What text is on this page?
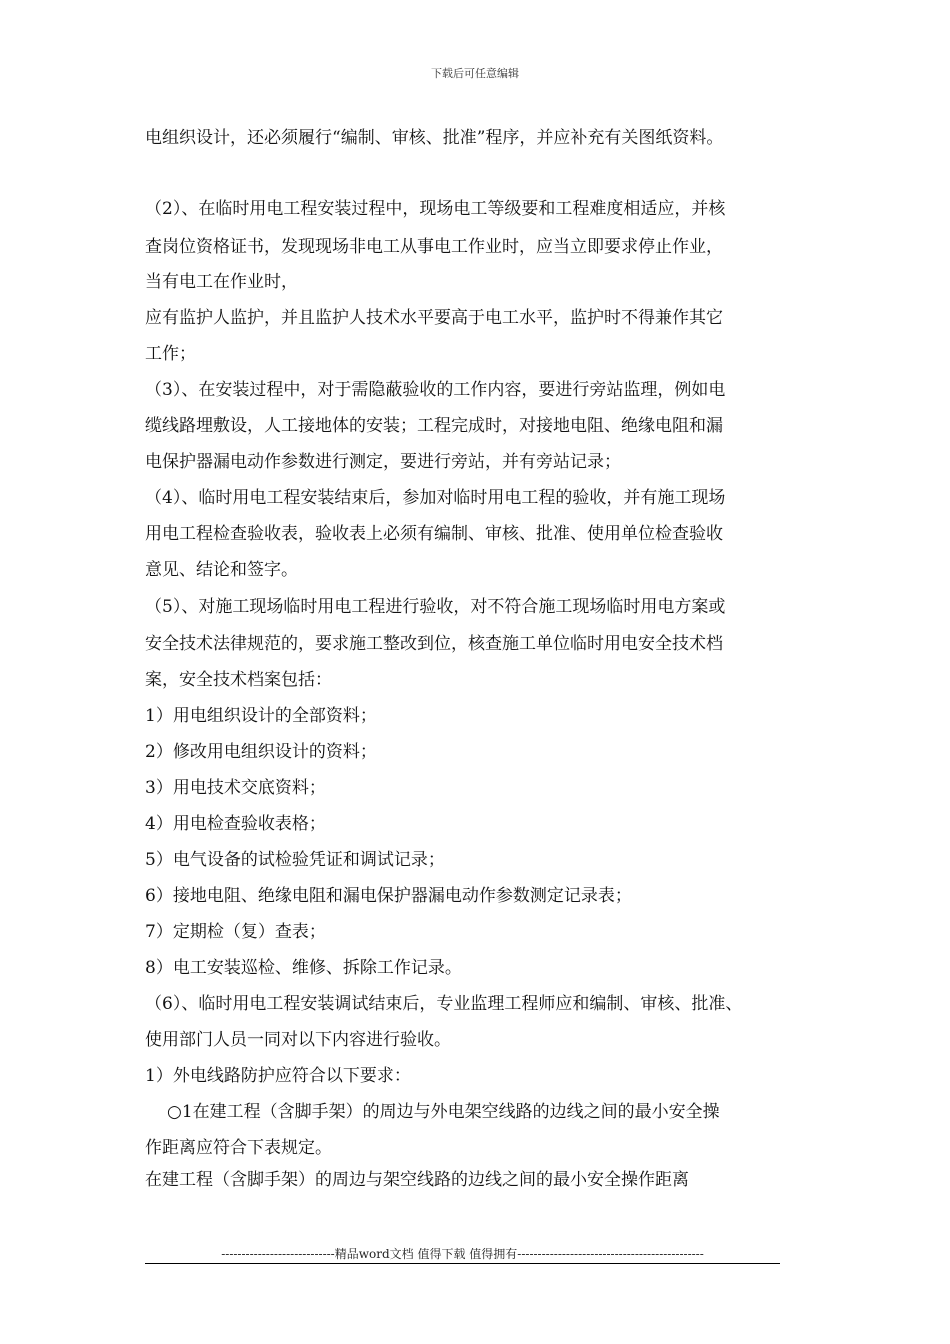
下载后可任意编辑
电组织设计，还必须履行“编制、审核、批准”程序，并应补充有关图纸资料。
（2）、在临时用电工程安装过程中，现场电工等级要和工程难度相适应，并核
查岗位资格证书，发现现场非电工从事电工作业时，应当立即要求停止作业，
当有电工在作业时，
应有监护人监护，并且监护人技术水平要高于电工水平，监护时不得兼作其它
工作；
（3）、在安装过程中，对于需隐蔽验收的工作内容，要进行旁站监理，例如电
缆线路埋敷设，人工接地体的安装；工程完成时，对接地电阻、绝缘电阻和漏
电保护器漏电动作参数进行测定，要进行旁站，并有旁站记录；
（4）、临时用电工程安装结束后，参加对临时用电工程的验收，并有施工现场
用电工程检查验收表，验收表上必须有编制、审核、批准、使用单位检查验收
意见、结论和签字。
（5）、对施工现场临时用电工程进行验收，对不符合施工现场临时用电方案或
安全技术法律规范的，要求施工整改到位，核查施工单位临时用电安全技术档
案，安全技术档案包括：
1）用电组织设计的全部资料；
2）修改用电组织设计的资料；
3）用电技术交底资料；
4）用电检查验收表格；
5）电气设备的试检验凭证和调试记录；
6）接地电阻、绝缘电阻和漏电保护器漏电动作参数测定记录表；
7）定期检（复）查表；
8）电工安装巡检、维修、拆除工作记录。
（6）、临时用电工程安装调试结束后，专业监理工程师应和编制、审核、批准、
使用部门人员一同对以下内容进行验收。
1）外电线路防护应符合以下要求：
○1在建工程（含脚手架）的周边与外电架空线路的边线之间的最小安全操
作距离应符合下表规定。
在建工程（含脚手架）的周边与架空线路的边线之间的最小安全操作距离
----------------------------精品word文档 值得下载 值得拥有----------------------------------------------
